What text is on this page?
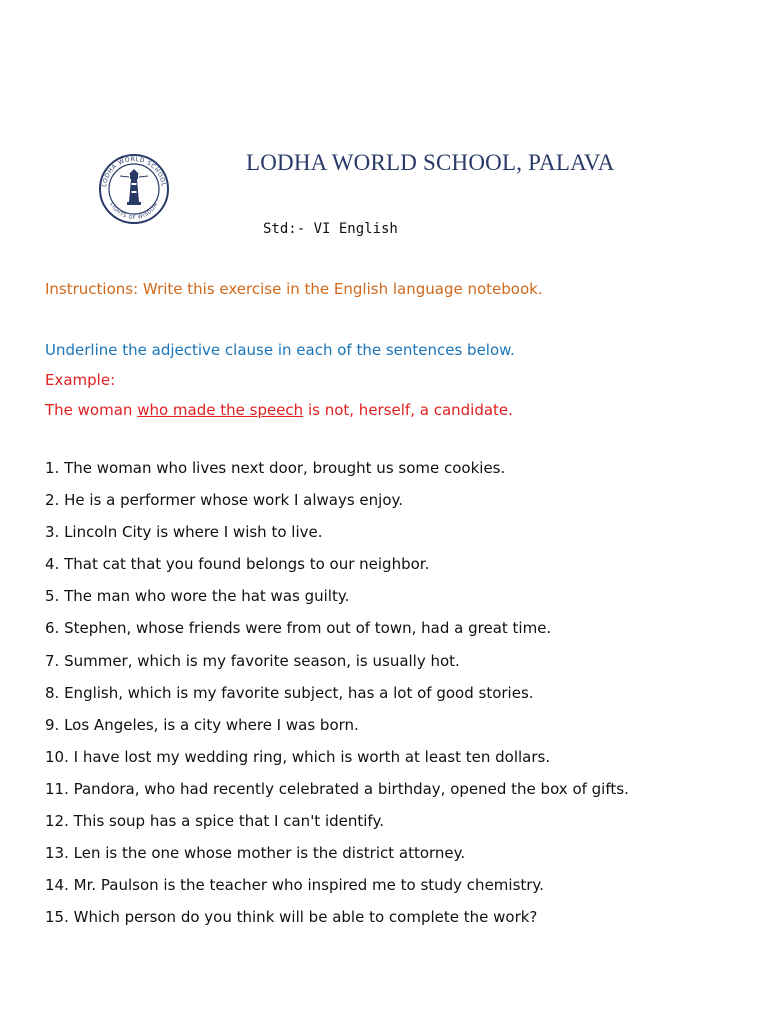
LODHA WORLD SCHOOL
LIGHTS OF WISDOM
LODHA WORLD SCHOOL, PALAVA
Std:- VI English
Instructions: Write this exercise in the English language notebook.
Underline the adjective clause in each of the sentences below.
Example:
The woman who made the speech is not, herself, a candidate.
1. The woman who lives next door, brought us some cookies.
2. He is a performer whose work I always enjoy.
3. Lincoln City is where I wish to live.
4. That cat that you found belongs to our neighbor.
5. The man who wore the hat was guilty.
6. Stephen, whose friends were from out of town, had a great time.
7. Summer, which is my favorite season, is usually hot.
8. English, which is my favorite subject, has a lot of good stories.
9. Los Angeles, is a city where I was born.
10. I have lost my wedding ring, which is worth at least ten dollars.
11. Pandora, who had recently celebrated a birthday, opened the box of gifts.
12. This soup has a spice that I can't identify.
13. Len is the one whose mother is the district attorney.
14. Mr. Paulson is the teacher who inspired me to study chemistry.
15. Which person do you think will be able to complete the work?
